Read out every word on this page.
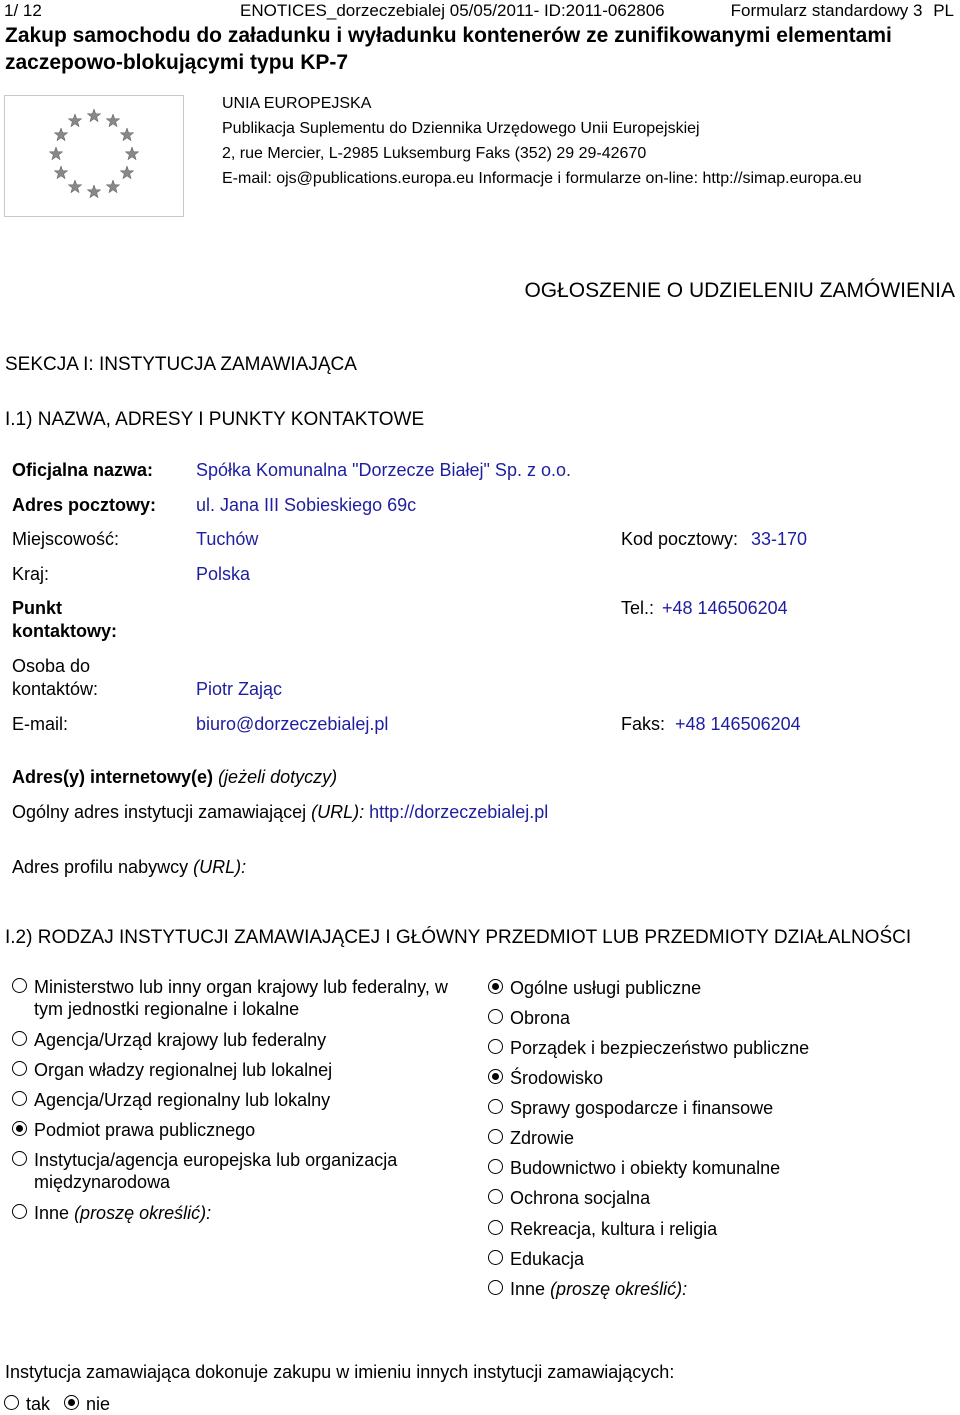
1/ 12	ENOTICES_dorzeczebialej 05/05/2011- ID:2011-062806	Formularz standardowy 3 PL
Zakup samochodu do załadunku i wyładunku kontenerów ze zunifikowanymi elementami zaczepowo-blokującymi typu KP-7
UNIA EUROPEJSKA
Publikacja Suplementu do Dziennika Urzędowego Unii Europejskiej
2, rue Mercier, L-2985 Luksemburg Faks (352) 29 29-42670
E-mail: ojs@publications.europa.eu Informacje i formularze on-line: http://simap.europa.eu
OGŁOSZENIE O UDZIELENIU ZAMÓWIENIA
SEKCJA I: INSTYTUCJA ZAMAWIAJĄCA
I.1) NAZWA, ADRESY I PUNKTY KONTAKTOWE
Oficjalna nazwa: Spółka Komunalna "Dorzecze Białej" Sp. z o.o.
Adres pocztowy: ul. Jana III Sobieskiego 69c
Miejscowość:	Tuchów	Kod pocztowy: 33-170
Kraj:	Polska
Punkt
kontaktowy:
Tel.: +48 146506204
Osoba do
kontaktów:	Piotr Zając
E-mail:	biuro@dorzeczebialej.pl	Faks: +48 146506204
Adres(y) internetowy(e) (jeżeli dotyczy)
Ogólny adres instytucji zamawiającej (URL): http://dorzeczebialej.pl
Adres profilu nabywcy (URL):
I.2) RODZAJ INSTYTUCJI ZAMAWIAJĄCEJ I GŁÓWNY PRZEDMIOT LUB PRZEDMIOTY DZIAŁALNOŚCI
Ministerstwo lub inny organ krajowy lub federalny, w tym jednostki regionalne i lokalne
Agencja/Urząd krajowy lub federalny
Organ władzy regionalnej lub lokalnej
Agencja/Urząd regionalny lub lokalny
Podmiot prawa publicznego
Instytucja/agencja europejska lub organizacja międzynarodowa
Inne (proszę określić):
Ogólne usługi publiczne
Obrona
Porządek i bezpieczeństwo publiczne
Środowisko
Sprawy gospodarcze i finansowe
Zdrowie
Budownictwo i obiekty komunalne
Ochrona socjalna
Rekreacja, kultura i religia
Edukacja
Inne (proszę określić):
Instytucja zamawiająca dokonuje zakupu w imieniu innych instytucji zamawiających:
tak	nie
